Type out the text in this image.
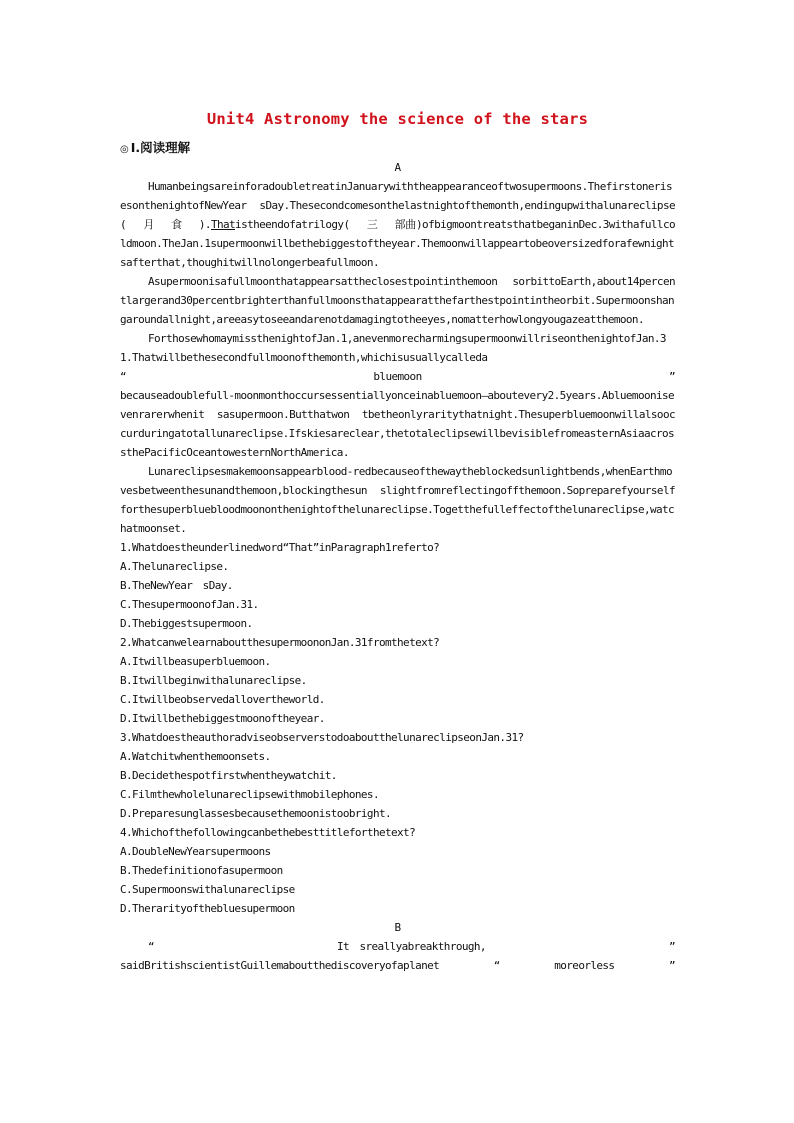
Unit4 Astronomy the science of the stars
◎ Ⅰ.阅读理解

A

HumanbeingsareinforadoubletreatinJanuarywiththeappearanceoftwosupermoons.ThefirstonerisesonthenightofNewYear　sDay.Thesecondcomesonthelastnightofthemonth,endingupwithalunareclipse(　 月　 食　 ).Thatistheendofatrilogy(　 三　 部曲)ofbigmoontreatsthatbeganinDec.3withafullcoldmoon.TheJan.1supermoonwillbethebiggestoftheyear.Themoonwillappeartobeoversizedforafewnightsafterthat,thoughitwillnolongerbeafullmoon.

Asupermoonisafullmoonthatappearsattheclosestpointinthemoon　sorbittoEarth,about14percentlargerand30percentbrighterthanfullmoonsthatappearatthefarthestpointintheorbit.Supermoonshangaroundallnight,areeasytoseeandarenotdamagingtotheeyes,nomatterhowlongyougazeatthemoon.

ForthosewhomaymissthenightofJan.1,anevenmorecharmingsupermoonwillriseonthenightofJan.31.Thatwillbethesecondfullmoonofthemonth,whichisusuallycalleda

“	bluemoon	”

becauseadoublefull-moonmonthoccursessentiallyonceinabluemoon—aboutevery2.5years.Abluemoonisevenrarerwhenit　sasupermoon.Butthatwon　tbetheonlyraritythatnight.Thesuperbluemoonwillalsooccurduringatotallunareclipse.Ifskiesareclear,thetotaleclipsewillbevisiblefromeasternAsiaacrossthePacificOceantowesternNorthAmerica.

Lunareclipsesmakemoonsappearblood-redbecauseofthewaytheblockedsunlightbends,whenEarthmovesbetweenthesunandthemoon,blockingthesun　slightfromreflectingoffthemoon.Sopreparefyourselfforthesuperbluebloodmoononthenightofthelunareclipse.Togetthefulleffectofthelunareclipse,watchatmoonset.

1.Whatdoestheunderlinedword“That”inParagraph1referto?

A.Thelunareclipse.

B.TheNewYear　sDay.

C.ThesupermoonofJan.31.

D.Thebiggestsupermoon.

2.WhatcanwelearnaboutthesupermoononJan.31fromthetext?

A.Itwillbeasuperbluemoon.

B.Itwillbeginwithalunareclipse.

C.Itwillbeobservedallovertheworld.

D.Itwillbethebiggestmoonoftheyear.

3.WhatdoestheauthoradviseobserverstodoaboutthelunareclipseonJan.31?

A.Watchitwhenthemoonsets.

B.Decidethespotfirstwhentheywatchit.

C.Filmthewholelunareclipsewithmobilephones.

D.Preparesunglassesbecausethemoonistoobright.

4.Whichofthefollowingcanbethebesttitleforthetext?

A.DoubleNewYearsupermoons

B.Thedefinitionofasupermoon

C.Supermoonswithalunareclipse

D.Therarityofthebluesupermoon

B

“	It　sreallyabreakthrough,	”
saidBritishscientistGuillemaboutthediscoveryofaplanet	“	moreorless	”
